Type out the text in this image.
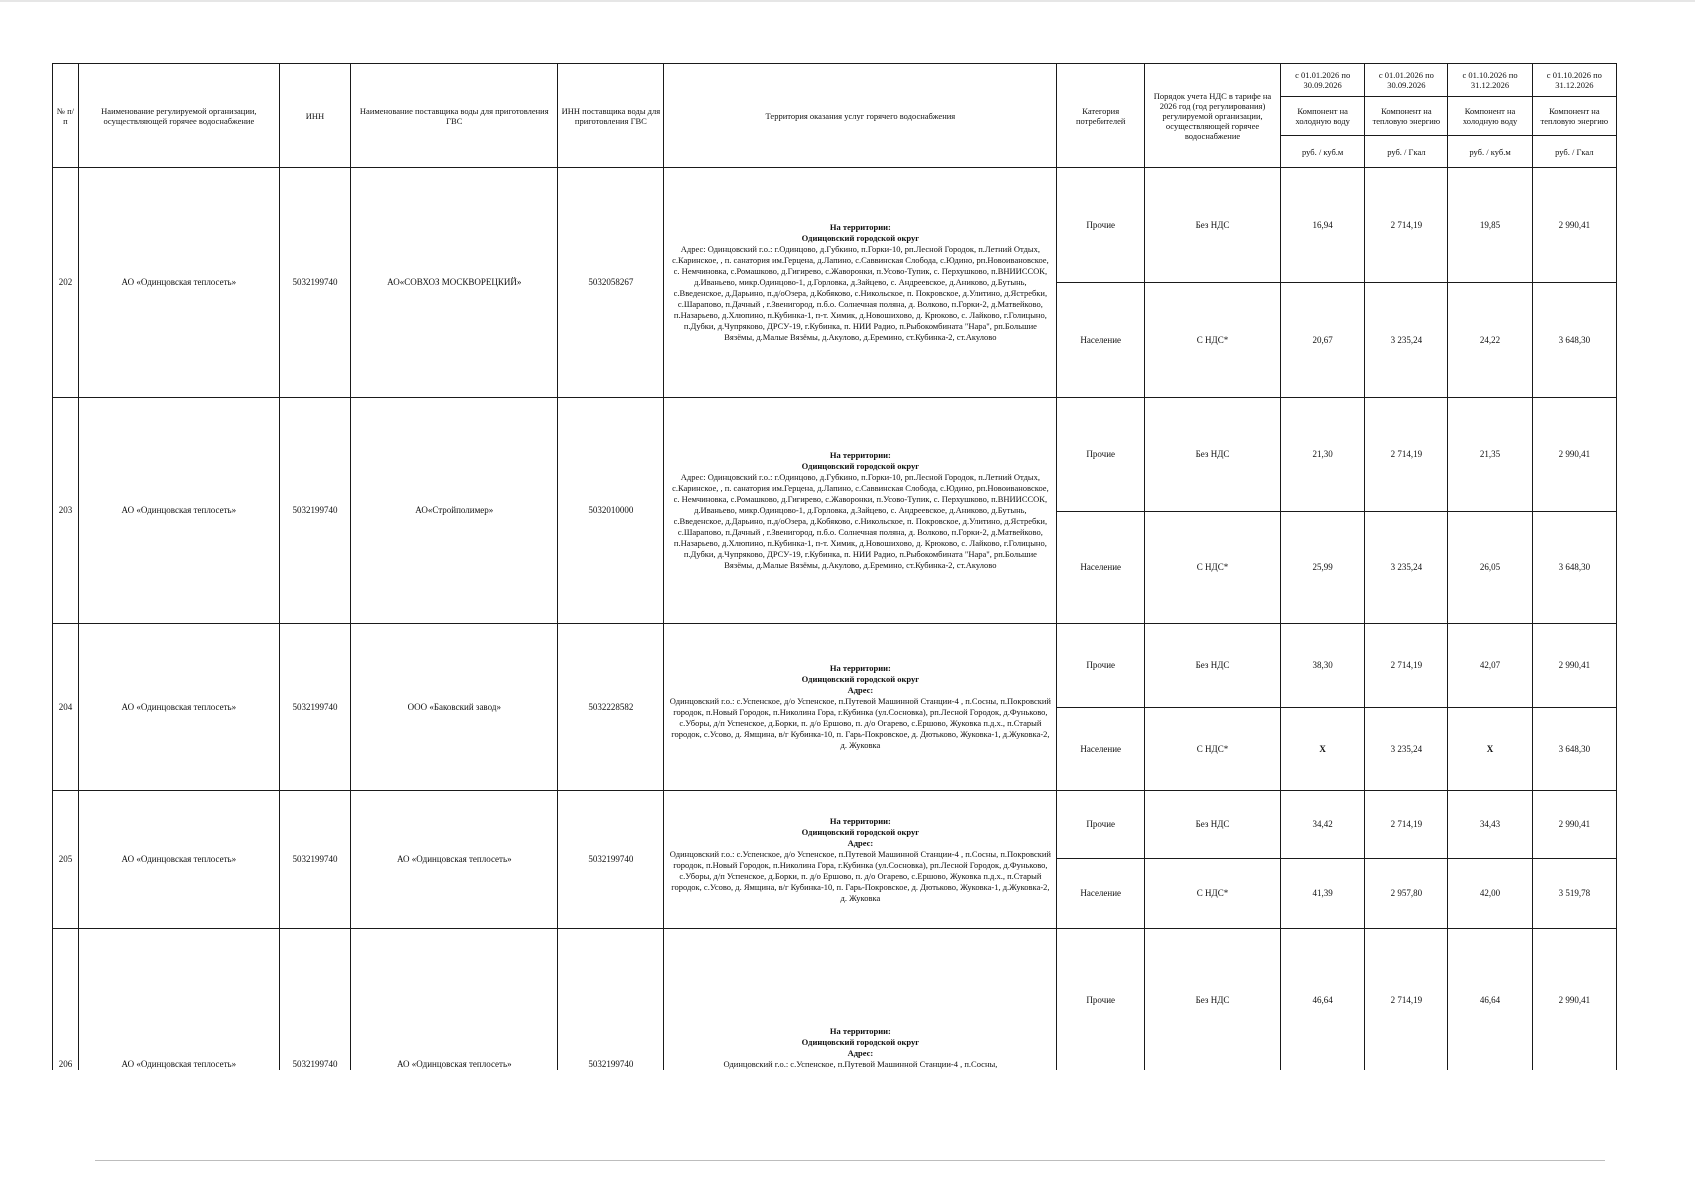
№ п/п	Наименование регулируемой организации, осуществляющей горячее водоснабжение	ИНН	Наименование поставщика воды для приготовления ГВС	ИНН поставщика воды для приготовления ГВС	Территория оказания услуг горячего водоснабжения	Категория потребителей	Порядок учета НДС в тарифе на 2026 год (год регулирования) регулируемой организации, осуществляющей горячее водоснабжение	с 01.01.2026 по 30.09.2026	с 01.01.2026 по 30.09.2026	с 01.10.2026 по 31.12.2026	с 01.10.2026 по 31.12.2026
								Компонент на холодную воду	Компонент на тепловую энергию	Компонент на холодную воду	Компонент на тепловую энергию
								руб. / куб.м	руб. / Гкал	руб. / куб.м	руб. / Гкал
202	АО «Одинцовская теплосеть»	5032199740	АО«СОВХОЗ МОСКВОРЕЦКИЙ»	5032058267	На территории:
Одинцовский городской округ
Адрес: Одинцовский г.о.: г.Одинцово, д.Губкино, п.Горки-10, рп.Лесной Городок, п.Летний Отдых, с.Каринское, , п. санатория им.Герцена, д.Лапино, с.Саввинская Слобода, с.Юдино, рп.Новоивановское, с. Немчиновка, с.Ромашково, д.Гигирево, с.Жаворонки, п.Усово-Тупик, с. Перхушково, п.ВНИИССОК, д.Иваньево, микр.Одинцово-1, д.Горловка, д.Зайцево, с. Андреевское, д.Аниково, д.Бутынь, с.Введенское, д.Дарьино, п.д/оОзера, д.Кобяково, с.Никольское, п. Покровское, д.Улитино, д.Ястребки, с.Шарапово, п.Дачный , г.Звенигород, п.б.о. Солнечная поляна, д. Волково, п.Горки-2, д.Матвейково, п.Назарьево, д.Хлюпино, п.Кубинка-1, п-т. Химик, д.Новошихово, д. Крюково, с. Лайково, г.Голицыно, п.Дубки, д.Чупряково, ДРСУ-19, г.Кубинка, п. НИИ Радио, п.Рыбокомбината "Нара", рп.Большие Вязёмы, д.Малые Вязёмы, д.Акулово, д.Еремино, ст.Кубинка-2, ст.Акулово	Прочие	Без НДС	16,94	2 714,19	19,85	2 990,41
						Население	С НДС*	20,67	3 235,24	24,22	3 648,30
203	АО «Одинцовская теплосеть»	5032199740	АО«Стройполимер»	5032010000	На территории:
Одинцовский городской округ
Адрес: Одинцовский г.о.: г.Одинцово, д.Губкино, п.Горки-10, рп.Лесной Городок, п.Летний Отдых, с.Каринское, , п. санатория им.Герцена, д.Лапино, с.Саввинская Слобода, с.Юдино, рп.Новоивановское, с. Немчиновка, с.Ромашково, д.Гигирево, с.Жаворонки, п.Усово-Тупик, с. Перхушково, п.ВНИИССОК, д.Иваньево, микр.Одинцово-1, д.Горловка, д.Зайцево, с. Андреевское, д.Аниково, д.Бутынь, с.Введенское, д.Дарьино, п.д/оОзера, д.Кобяково, с.Никольское, п. Покровское, д.Улитино, д.Ястребки, с.Шарапово, п.Дачный , г.Звенигород, п.б.о. Солнечная поляна, д. Волково, п.Горки-2, д.Матвейково, п.Назарьево, д.Хлюпино, п.Кубинка-1, п-т. Химик, д.Новошихово, д. Крюково, с. Лайково, г.Голицыно, п.Дубки, д.Чупряково, ДРСУ-19, г.Кубинка, п. НИИ Радио, п.Рыбокомбината "Нара", рп.Большие Вязёмы, д.Малые Вязёмы, д.Акулово, д.Еремино, ст.Кубинка-2, ст.Акулово	Прочие	Без НДС	21,30	2 714,19	21,35	2 990,41
						Население	С НДС*	25,99	3 235,24	26,05	3 648,30
204	АО «Одинцовская теплосеть»	5032199740	ООО «Баковский завод»	5032228582	На территории:
Одинцовский городской округ
Адрес:
Одинцовский г.о.: с.Успенское, д/о Успенское, п.Путевой Машинной Станции-4 , п.Сосны, п.Покровский городок, п.Новый Городок, п.Николина Гора, г.Кубинка (ул.Сосновка), рп.Лесной Городок, д.Фуньково, с.Уборы, д/п Успенское, д.Борки, п. д/о Ершово, п. д/о Огарево, с.Ершово, Жуковка п.д.х., п.Старый городок, с.Усово, д. Ямщина, в/г Кубинка-10, п. Гарь-Покровское, д. Дютьково, Жуковка-1, д.Жуковка-2, д. Жуковка	Прочие	Без НДС	38,30	2 714,19	42,07	2 990,41
						Население	С НДС*	Х	3 235,24	Х	3 648,30
205	АО «Одинцовская теплосеть»	5032199740	АО «Одинцовская теплосеть»	5032199740	На территории:
Одинцовский городской округ
Адрес:
Одинцовский г.о.: с.Успенское, д/о Успенское, п.Путевой Машинной Станции-4 , п.Сосны, п.Покровский городок, п.Новый Городок, п.Николина Гора, г.Кубинка (ул.Сосновка), рп.Лесной Городок, д.Фуньково, с.Уборы, д/п Успенское, д.Борки, п. д/о Ершово, п. д/о Огарево, с.Ершово, Жуковка п.д.х., п.Старый городок, с.Усово, д. Ямщина, в/г Кубинка-10, п. Гарь-Покровское, д. Дютьково, Жуковка-1, д.Жуковка-2, д. Жуковка	Прочие	Без НДС	34,42	2 714,19	34,43	2 990,41
						Население	С НДС*	41,39	2 957,80	42,00	3 519,78
206	АО «Одинцовская теплосеть»	5032199740	АО «Одинцовская теплосеть»	5032199740	На территории:
Одинцовский городской округ
Адрес:
Одинцовский г.о.: с.Успенское, п.Путевой Машинной Станции-4 , п.Сосны,	Прочие	Без НДС	46,64	2 714,19	46,64	2 990,41
